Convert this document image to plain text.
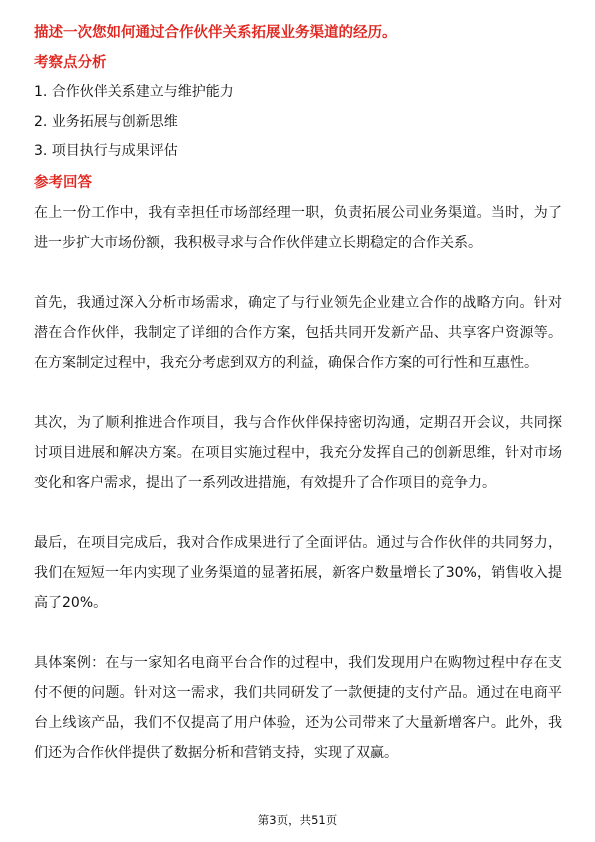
描述一次您如何通过合作伙伴关系拓展业务渠道的经历。
考察点分析
1. 合作伙伴关系建立与维护能力
2. 业务拓展与创新思维
3. 项目执行与成果评估
参考回答

在上一份工作中，我有幸担任市场部经理一职，负责拓展公司业务渠道。当时，为了进一步扩大市场份额，我积极寻求与合作伙伴建立长期稳定的合作关系。

首先，我通过深入分析市场需求，确定了与行业领先企业建立合作的战略方向。针对潜在合作伙伴，我制定了详细的合作方案，包括共同开发新产品、共享客户资源等。在方案制定过程中，我充分考虑到双方的利益，确保合作方案的可行性和互惠性。

其次，为了顺利推进合作项目，我与合作伙伴保持密切沟通，定期召开会议，共同探讨项目进展和解决方案。在项目实施过程中，我充分发挥自己的创新思维，针对市场变化和客户需求，提出了一系列改进措施，有效提升了合作项目的竞争力。

最后，在项目完成后，我对合作成果进行了全面评估。通过与合作伙伴的共同努力，我们在短短一年内实现了业务渠道的显著拓展，新客户数量增长了30%，销售收入提高了20%。

具体案例：在与一家知名电商平台合作的过程中，我们发现用户在购物过程中存在支付不便的问题。针对这一需求，我们共同研发了一款便捷的支付产品。通过在电商平台上线该产品，我们不仅提高了用户体验，还为公司带来了大量新增客户。此外，我们还为合作伙伴提供了数据分析和营销支持，实现了双赢。

第3页，共51页
